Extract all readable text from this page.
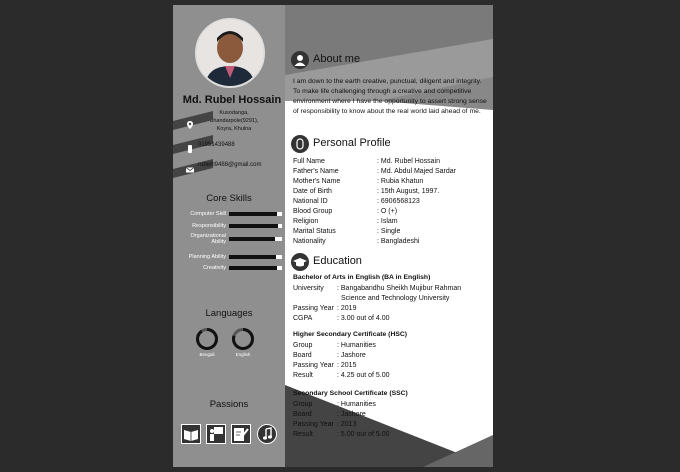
Md. Rubel Hossain
Kusodanga,
Bhandarpole(9291),
Koyra, Khulna
01951439488
rubelh9488@gmail.com
Core Skills
Computer Skill
Responsibility
Organizational Ability
Planning Ability
Creativity
Languages
Bengali	English
Passions
About me
I am down to the earth creative, punctual, diligent and integrity. To make life challenging through a creative and competitive environment where I have the opportunity to assert strong sense of responsibility to know about the real world laid ahead of me.
Personal Profile
Full Name	: Md. Rubel Hossain
Father's Name	: Md. Abdul Majed Sardar
Mother's Name	: Rubia Khatun
Date of Birth	: 15th August, 1997.
National ID	: 6906568123
Blood Group	: O (+)
Religion	: Islam
Marital Status	: Single
Nationality	: Bangladeshi
Education
Bachelor of Arts in English (BA in English)
University : Bangabandhu Sheikh Mujibur Rahman
Science and Technology University
Passing Year : 2019
CGPA	: 3.00 out of 4.00
Higher Secondary Certificate (HSC)
Group	: Humanities
Board	: Jashore
Passing Year : 2015
Result	: 4.25 out of 5.00
Secondary School Certificate (SSC)
Group	: Humanities
Board	: Jashore
Passing Year : 2013
Result	: 5.00 out of 5.00
